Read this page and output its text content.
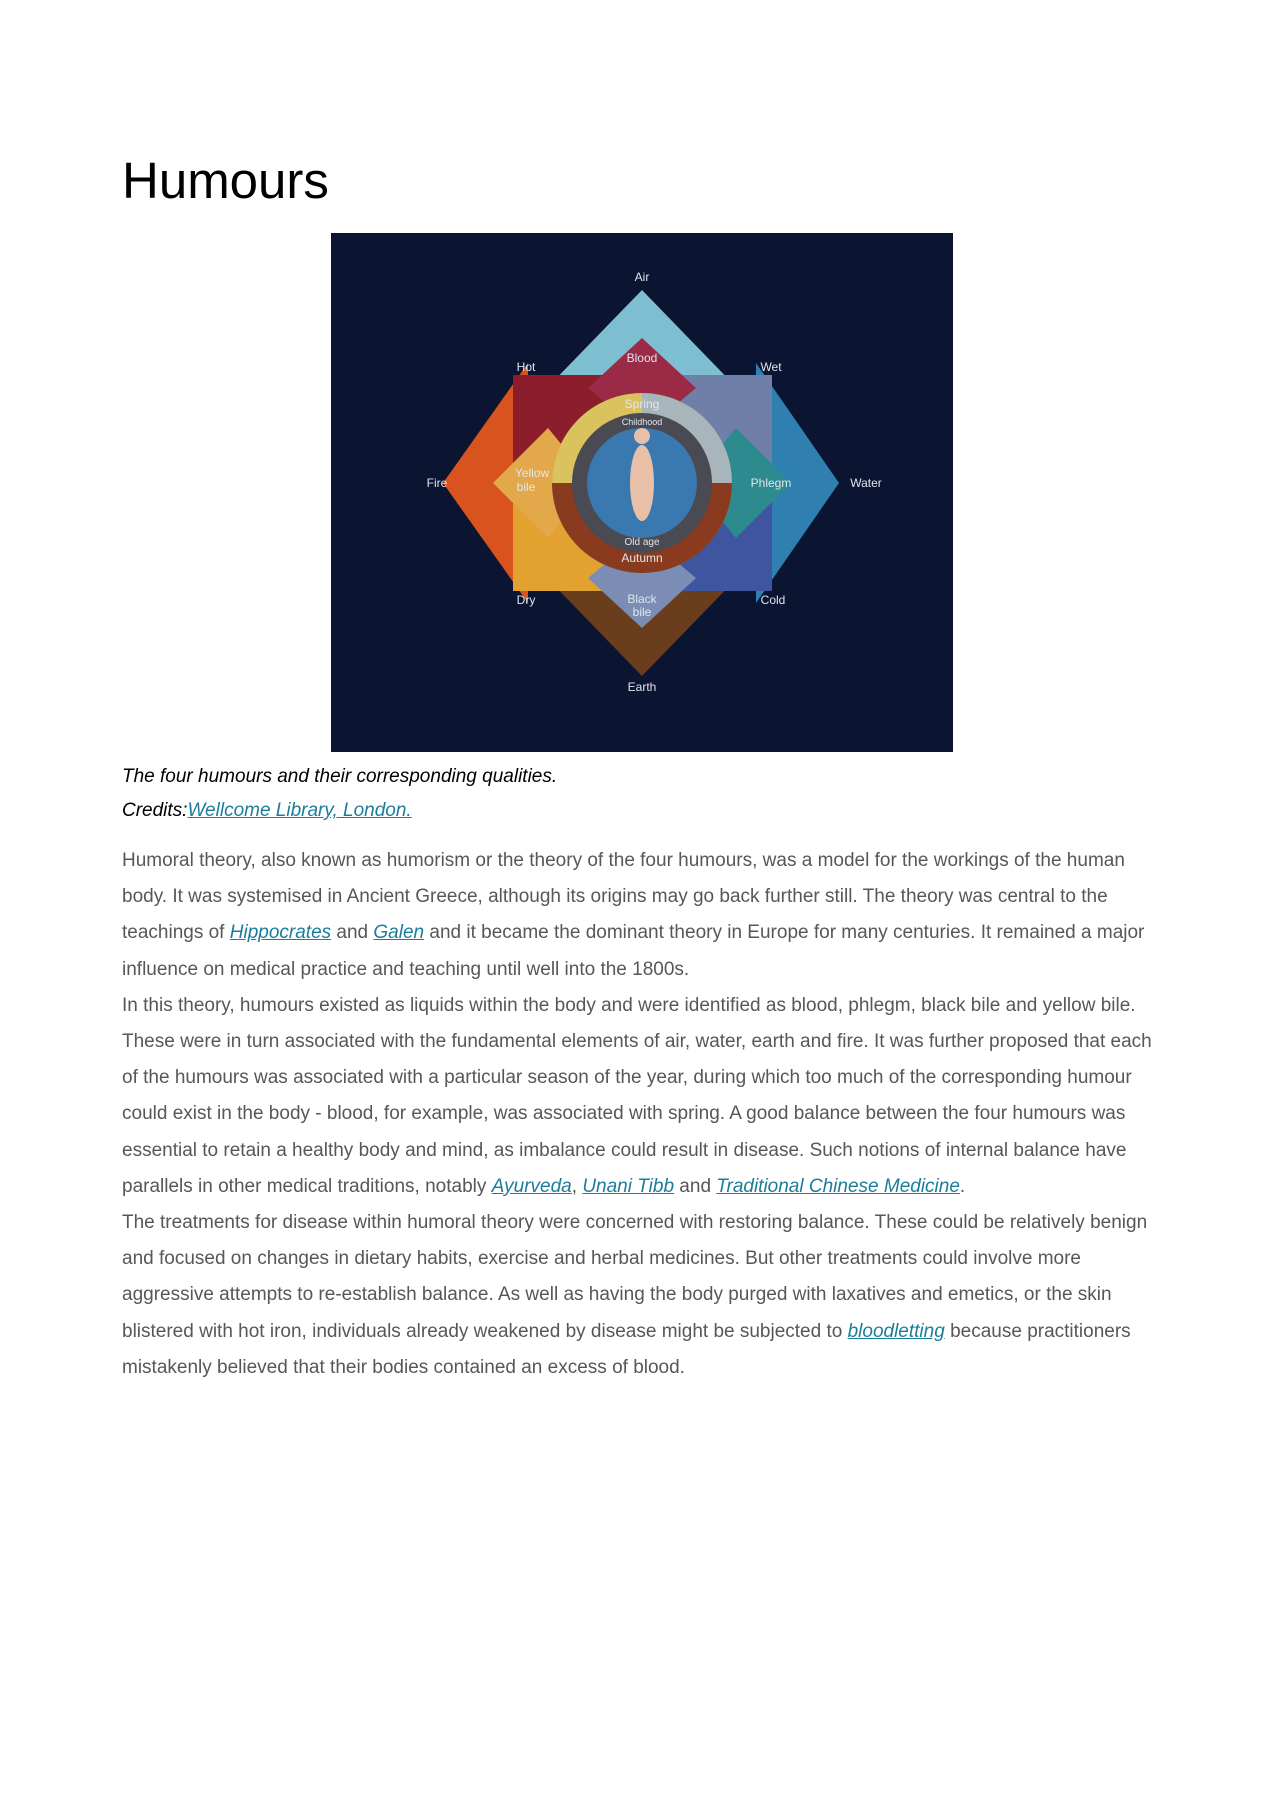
Humours
Air
Water
Fire
Earth
Hot	Wet
Dry	Cold
Blood
Phlegm
Yellow
bile
Black
bile
Spring
Autumn
Childhood
Old age
The four humours and their corresponding qualities.
Credits:Wellcome Library, London.

Humoral theory, also known as humorism or the theory of the four humours, was a model for the workings of the human body. It was systemised in Ancient Greece, although its origins may go back further still. The theory was central to the teachings of Hippocrates and Galen and it became the dominant theory in Europe for many centuries. It remained a major influence on medical practice and teaching until well into the 1800s.

In this theory, humours existed as liquids within the body and were identified as blood, phlegm, black bile and yellow bile. These were in turn associated with the fundamental elements of air, water, earth and fire. It was further proposed that each of the humours was associated with a particular season of the year, during which too much of the corresponding humour could exist in the body - blood, for example, was associated with spring. A good balance between the four humours was essential to retain a healthy body and mind, as imbalance could result in disease. Such notions of internal balance have parallels in other medical traditions, notably Ayurveda, Unani Tibb and Traditional Chinese Medicine.

The treatments for disease within humoral theory were concerned with restoring balance. These could be relatively benign and focused on changes in dietary habits, exercise and herbal medicines. But other treatments could involve more aggressive attempts to re-establish balance. As well as having the body purged with laxatives and emetics, or the skin blistered with hot iron, individuals already weakened by disease might be subjected to bloodletting because practitioners mistakenly believed that their bodies contained an excess of blood.
